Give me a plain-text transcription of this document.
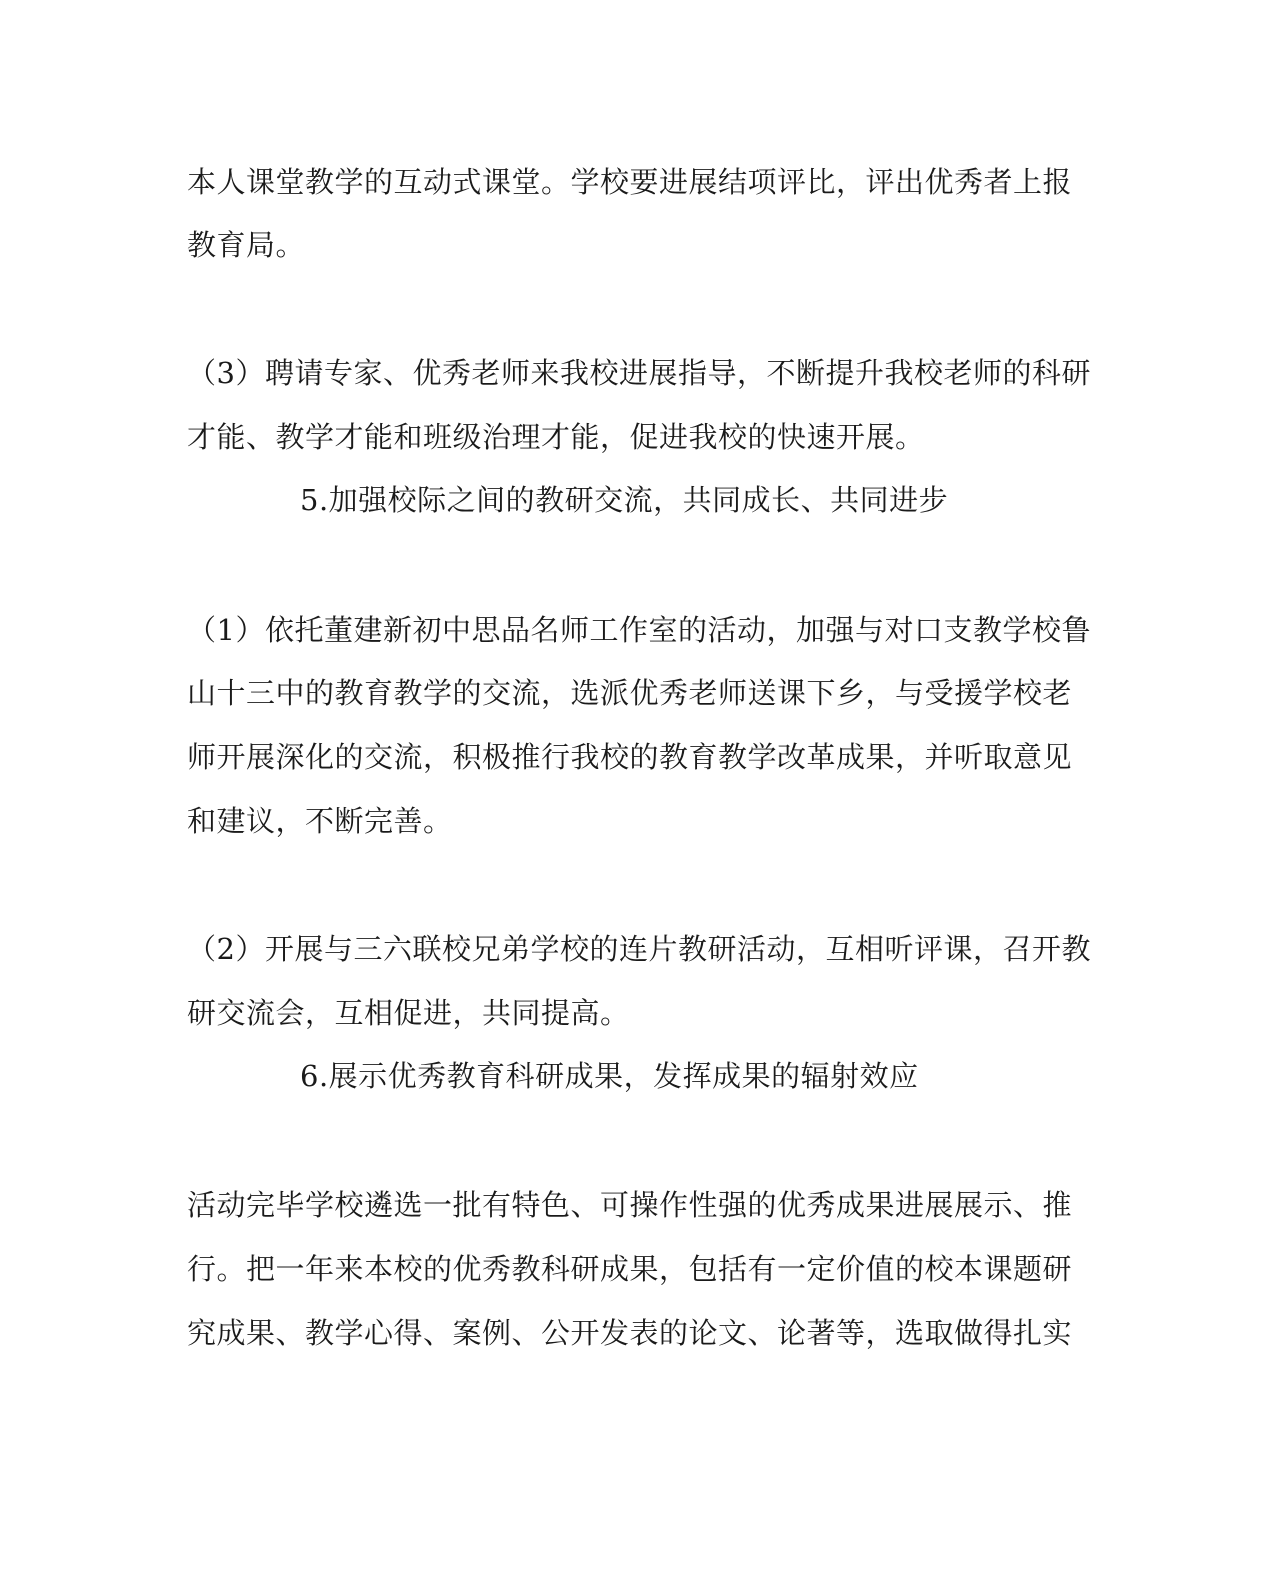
本人课堂教学的互动式课堂。学校要进展结项评比，评出优秀者上报
教育局。
（3）聘请专家、优秀老师来我校进展指导，不断提升我校老师的科研
才能、教学才能和班级治理才能，促进我校的快速开展。
5.加强校际之间的教研交流，共同成长、共同进步
（1）依托董建新初中思品名师工作室的活动，加强与对口支教学校鲁
山十三中的教育教学的交流，选派优秀老师送课下乡，与受援学校老
师开展深化的交流，积极推行我校的教育教学改革成果，并听取意见
和建议，不断完善。
（2）开展与三六联校兄弟学校的连片教研活动，互相听评课，召开教
研交流会，互相促进，共同提高。
6.展示优秀教育科研成果，发挥成果的辐射效应
活动完毕学校遴选一批有特色、可操作性强的优秀成果进展展示、推
行。把一年来本校的优秀教科研成果，包括有一定价值的校本课题研
究成果、教学心得、案例、公开发表的论文、论著等，选取做得扎实
